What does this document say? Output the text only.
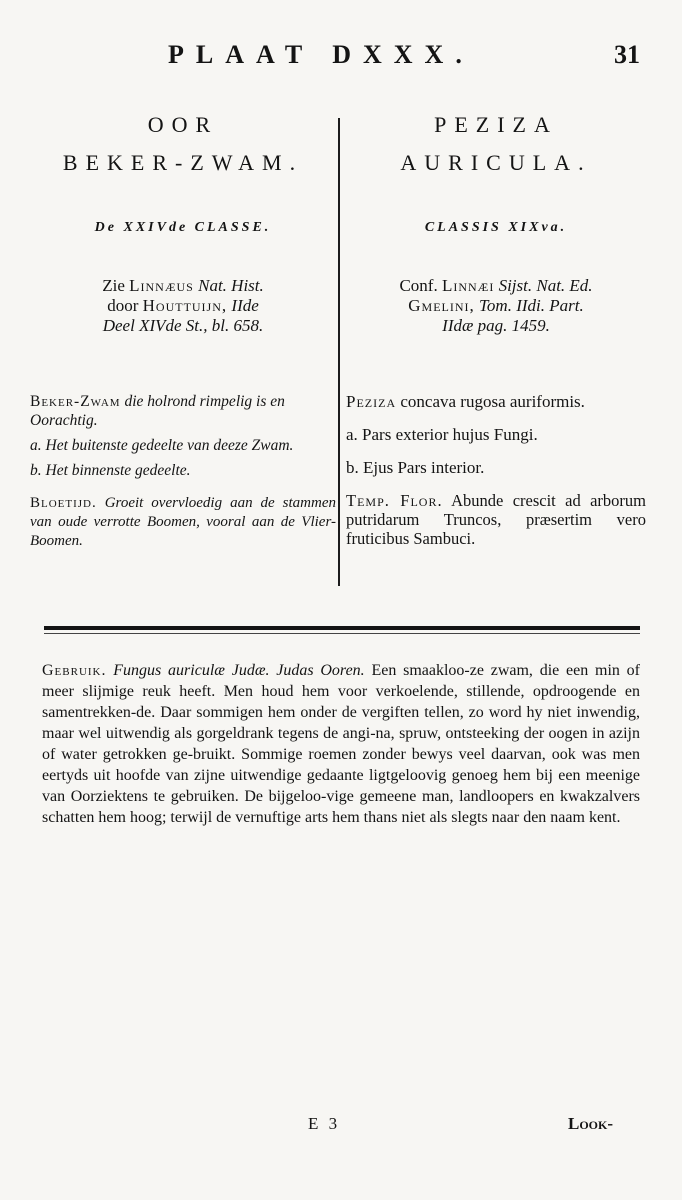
PLAAT DXXX.	31

OOR

BEKER-ZWAM.

De XXIVde CLASSE.
Zie Linnæus Nat. Hist.
door Houttuijn, IIde
Deel XIVde St., bl. 658.

Beker-Zwam die holrond rimpelig is en Oorachtig.

a. Het buitenste gedeelte van deeze Zwam.

b. Het binnenste gedeelte.

Bloetijd. Groeit overvloedig aan de stammen van oude verrotte Boomen, vooral aan de Vlier-Boomen.

PEZIZA

AURICULA.

CLASSIS XIXva.
Conf. Linnæi Sijst. Nat. Ed.
Gmelini, Tom. IIdi. Part.
IIdæ pag. 1459.

Peziza concava rugosa auriformis.

a. Pars exterior hujus Fungi.

b. Ejus Pars interior.

Temp. Flor. Abunde crescit ad arborum putridarum Truncos, præsertim vero fruticibus Sambuci.
Gebruik. Fungus auriculæ Judæ. Judas Ooren. Een smaakloo-ze zwam, die een min of meer slijmige reuk heeft. Men houd hem voor verkoelende, stillende, opdroogende en samentrekken-de. Daar sommigen hem onder de vergiften tellen, zo word hy niet inwendig, maar wel uitwendig als gorgeldrank tegens de angi-na, spruw, ontsteeking der oogen in azijn of water getrokken ge-bruikt. Sommige roemen zonder bewys veel daarvan, ook was men eertyds uit hoofde van zijne uitwendige gedaante ligtgeloovig genoeg hem bij een meenige van Oorziektens te gebruiken. De bijgeloo-vige gemeene man, landloopers en kwakzalvers schatten hem hoog; terwijl de vernuftige arts hem thans niet als slegts naar den naam kent.
E 3	Look-
